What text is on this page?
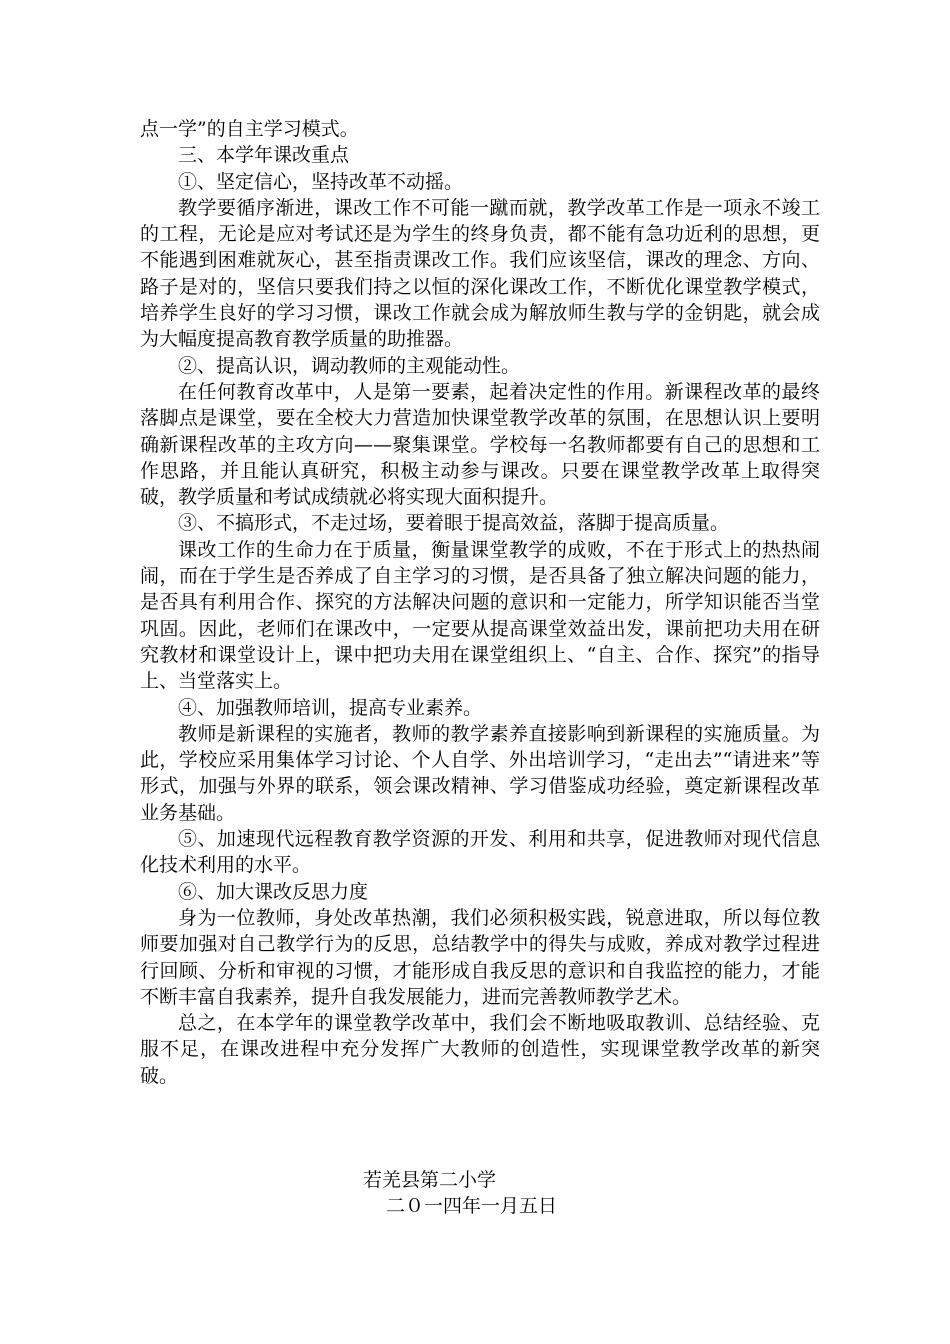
点一学”的自主学习模式。

三、本学年课改重点

①、坚定信心，坚持改革不动摇。

教学要循序渐进，课改工作不可能一蹴而就，教学改革工作是一项永不竣工的工程，无论是应对考试还是为学生的终身负责，都不能有急功近利的思想，更不能遇到困难就灰心，甚至指责课改工作。我们应该坚信，课改的理念、方向、路子是对的，坚信只要我们持之以恒的深化课改工作，不断优化课堂教学模式，培养学生良好的学习习惯，课改工作就会成为解放师生教与学的金钥匙，就会成为大幅度提高教育教学质量的助推器。

②、提高认识，调动教师的主观能动性。

在任何教育改革中，人是第一要素，起着决定性的作用。新课程改革的最终落脚点是课堂，要在全校大力营造加快课堂教学改革的氛围，在思想认识上要明确新课程改革的主攻方向——聚集课堂。学校每一名教师都要有自己的思想和工作思路，并且能认真研究，积极主动参与课改。只要在课堂教学改革上取得突破，教学质量和考试成绩就必将实现大面积提升。

③、不搞形式，不走过场，要着眼于提高效益，落脚于提高质量。

课改工作的生命力在于质量，衡量课堂教学的成败，不在于形式上的热热闹闹，而在于学生是否养成了自主学习的习惯，是否具备了独立解决问题的能力，是否具有利用合作、探究的方法解决问题的意识和一定能力，所学知识能否当堂巩固。因此，老师们在课改中，一定要从提高课堂效益出发，课前把功夫用在研究教材和课堂设计上，课中把功夫用在课堂组织上、“自主、合作、探究”的指导上、当堂落实上。

④、加强教师培训，提高专业素养。

教师是新课程的实施者，教师的教学素养直接影响到新课程的实施质量。为此，学校应采用集体学习讨论、个人自学、外出培训学习，“走出去”“请进来”等形式，加强与外界的联系，领会课改精神、学习借鉴成功经验，奠定新课程改革业务基础。

⑤、加速现代远程教育教学资源的开发、利用和共享，促进教师对现代信息化技术利用的水平。

⑥、加大课改反思力度

身为一位教师，身处改革热潮，我们必须积极实践，锐意进取，所以每位教师要加强对自己教学行为的反思，总结教学中的得失与成败，养成对教学过程进行回顾、分析和审视的习惯，才能形成自我反思的意识和自我监控的能力，才能不断丰富自我素养，提升自我发展能力，进而完善教师教学艺术。

总之，在本学年的课堂教学改革中，我们会不断地吸取教训、总结经验、克服不足，在课改进程中充分发挥广大教师的创造性，实现课堂教学改革的新突破。

若羌县第二小学
二０一四年一月五日
